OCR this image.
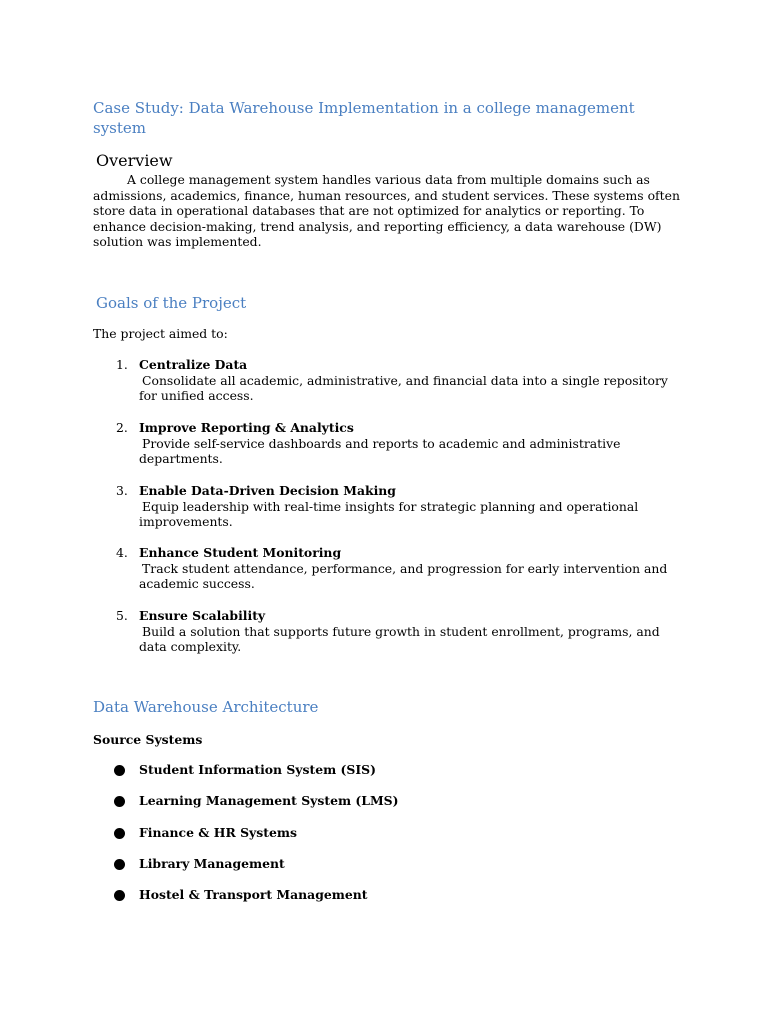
Case Study: Data Warehouse Implementation in a college management system
Overview

A college management system handles various data from multiple domains such as admissions, academics, finance, human resources, and student services. These systems often store data in operational databases that are not optimized for analytics or reporting. To enhance decision-making, trend analysis, and reporting efficiency, a data warehouse (DW) solution was implemented.

Goals of the Project

The project aimed to:

1. Centralize Data
Consolidate all academic, administrative, and financial data into a single repository for unified access.
2. Improve Reporting & Analytics
Provide self-service dashboards and reports to academic and administrative departments.
3. Enable Data-Driven Decision Making
Equip leadership with real-time insights for strategic planning and operational improvements.
4. Enhance Student Monitoring
Track student attendance, performance, and progression for early intervention and academic success.
5. Ensure Scalability
Build a solution that supports future growth in student enrollment, programs, and data complexity.
Data Warehouse Architecture
Source Systems
Student Information System (SIS)
Learning Management System (LMS)
Finance & HR Systems
Library Management
Hostel & Transport Management
